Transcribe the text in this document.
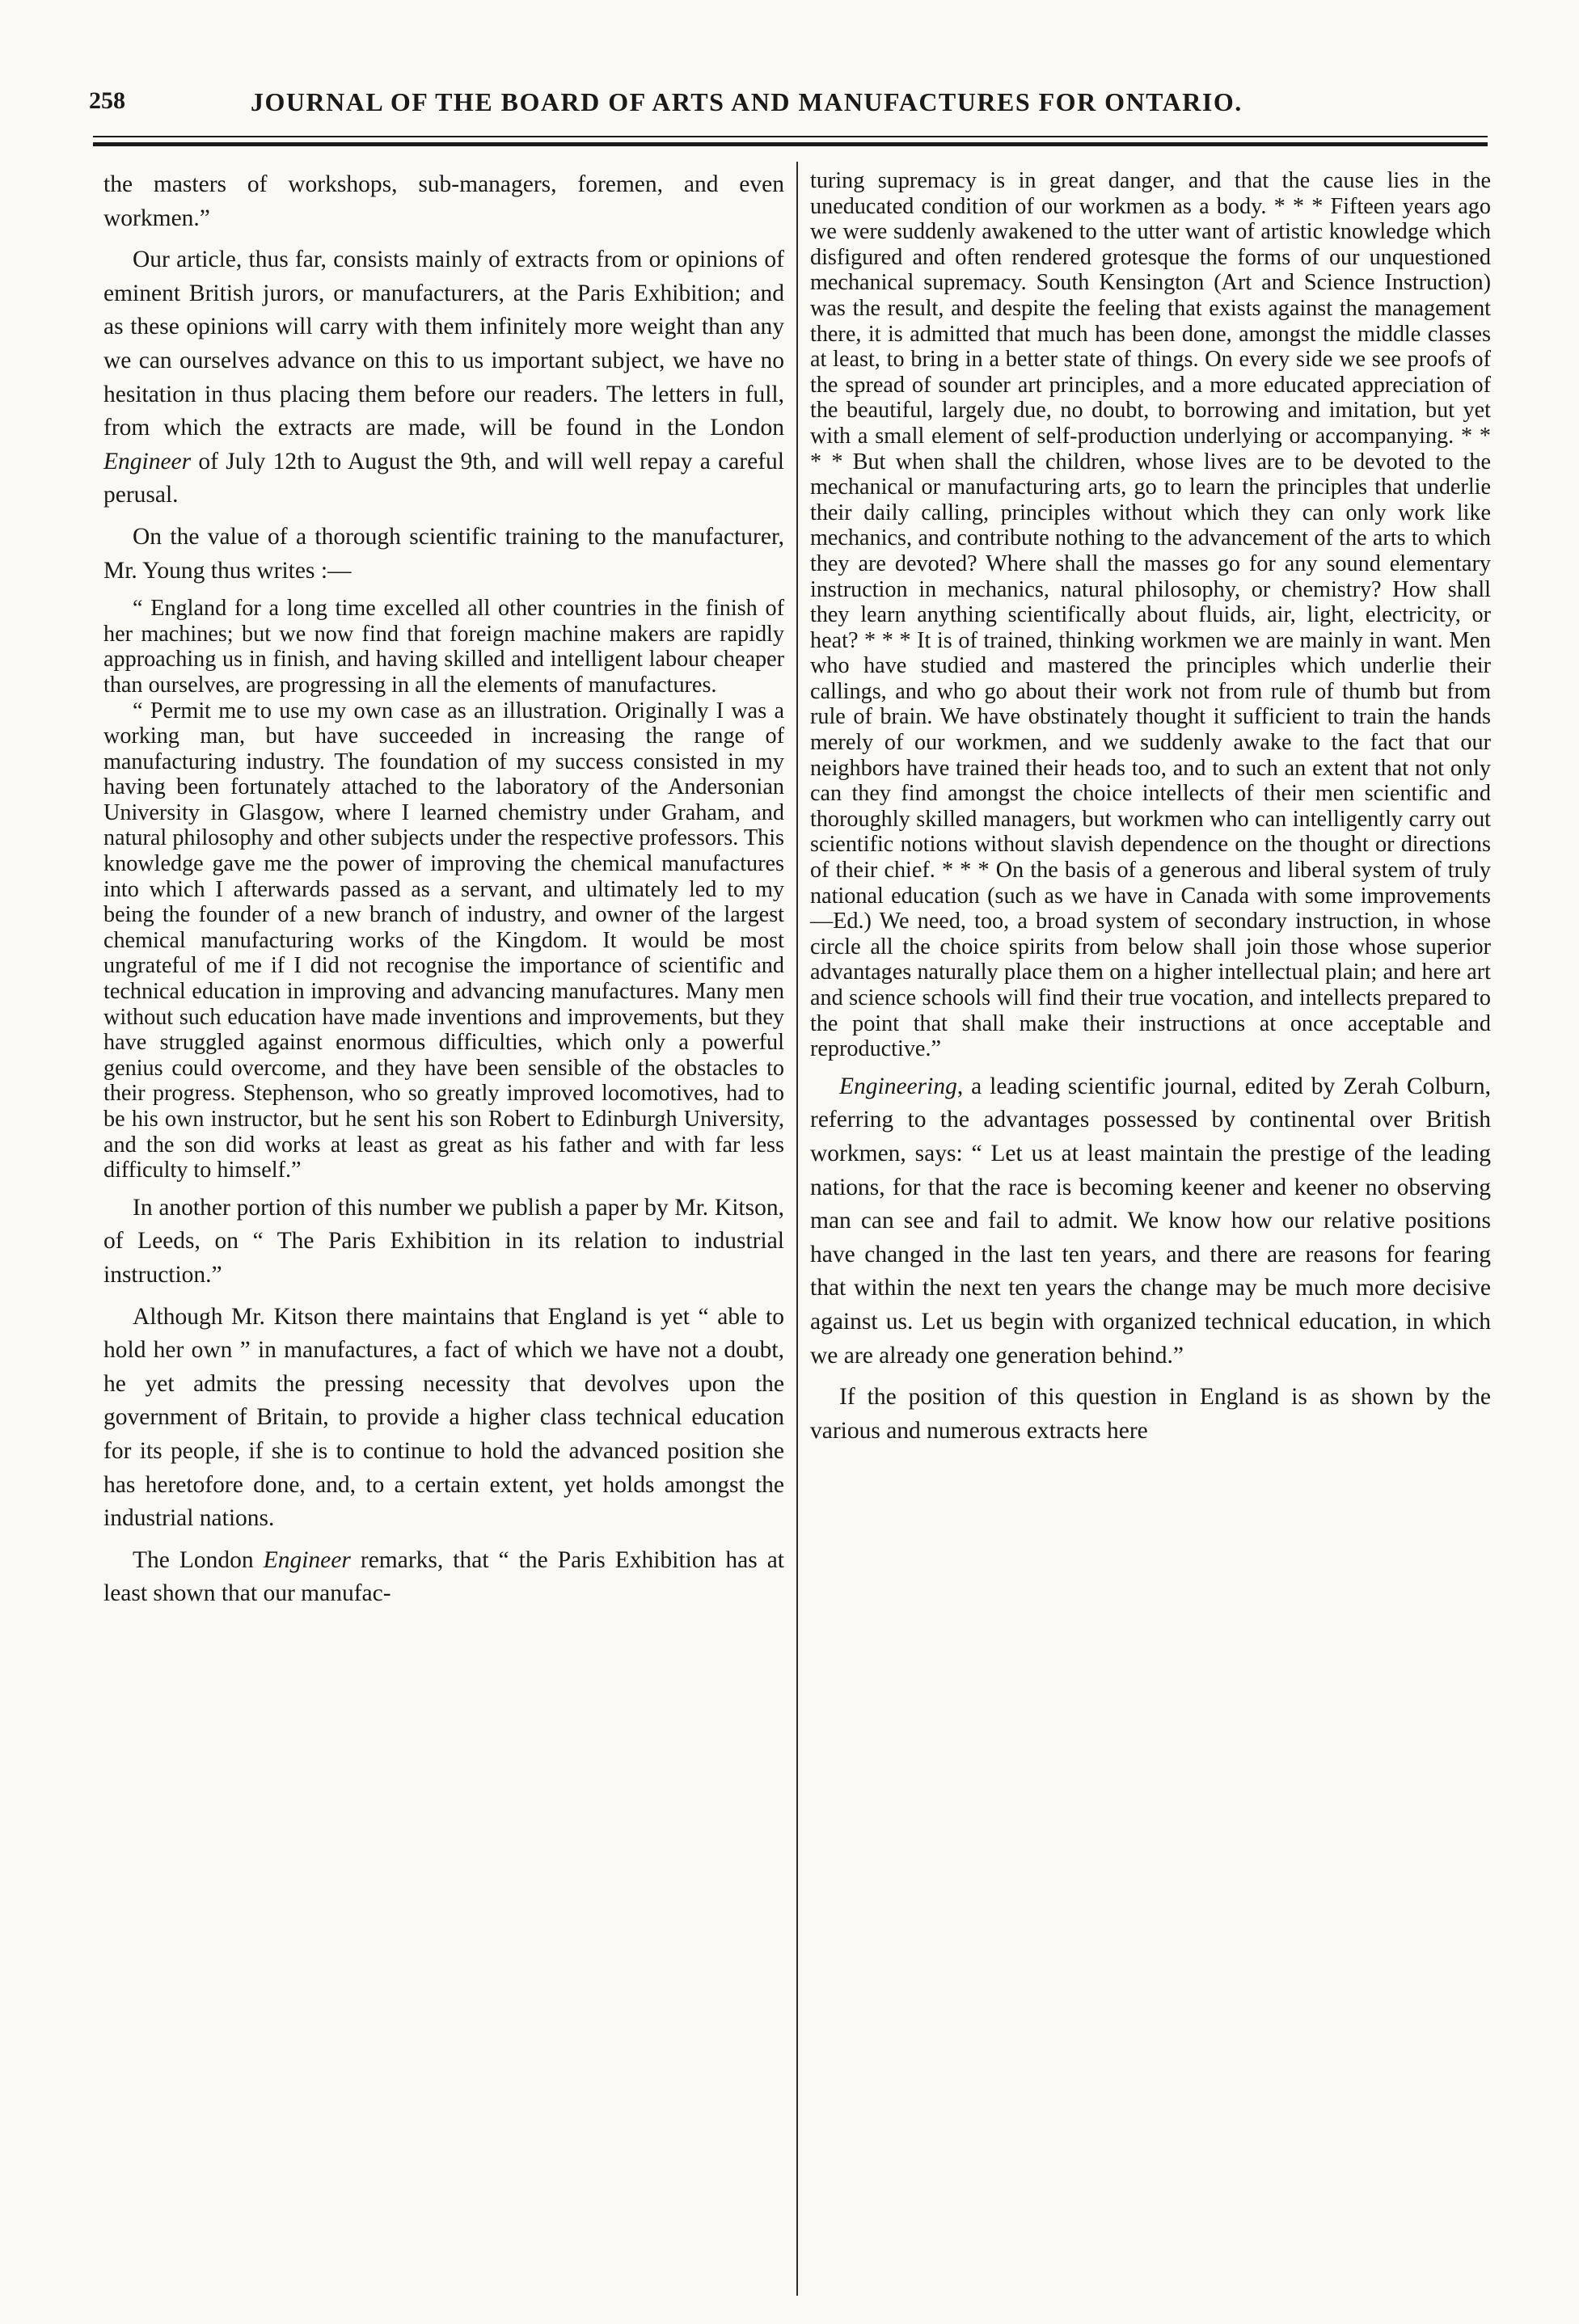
258	JOURNAL OF THE BOARD OF ARTS AND MANUFACTURES FOR ONTARIO.

the masters of workshops, sub-managers, foremen, and even workmen.”

Our article, thus far, consists mainly of extracts from or opinions of eminent British jurors, or manufacturers, at the Paris Exhibition; and as these opinions will carry with them infinitely more weight than any we can ourselves advance on this to us important subject, we have no hesitation in thus placing them before our readers. The letters in full, from which the extracts are made, will be found in the London Engineer of July 12th to August the 9th, and will well repay a careful perusal.

On the value of a thorough scientific training to the manufacturer, Mr. Young thus writes :—

“ England for a long time excelled all other countries in the finish of her machines; but we now find that foreign machine makers are rapidly approaching us in finish, and having skilled and intelligent labour cheaper than ourselves, are progressing in all the elements of manufactures.

“ Permit me to use my own case as an illustration. Originally I was a working man, but have succeeded in increasing the range of manufacturing industry. The foundation of my success consisted in my having been fortunately attached to the laboratory of the Andersonian University in Glasgow, where I learned chemistry under Graham, and natural philosophy and other subjects under the respective professors. This knowledge gave me the power of improving the chemical manufactures into which I afterwards passed as a servant, and ultimately led to my being the founder of a new branch of industry, and owner of the largest chemical manufacturing works of the Kingdom. It would be most ungrateful of me if I did not recognise the importance of scientific and technical education in improving and advancing manufactures. Many men without such education have made inventions and improvements, but they have struggled against enormous difficulties, which only a powerful genius could overcome, and they have been sensible of the obstacles to their progress. Stephenson, who so greatly improved locomotives, had to be his own instructor, but he sent his son Robert to Edinburgh University, and the son did works at least as great as his father and with far less difficulty to himself.”

In another portion of this number we publish a paper by Mr. Kitson, of Leeds, on “ The Paris Exhibition in its relation to industrial instruction.”

Although Mr. Kitson there maintains that England is yet “ able to hold her own ” in manufactures, a fact of which we have not a doubt, he yet admits the pressing necessity that devolves upon the government of Britain, to provide a higher class technical education for its people, if she is to continue to hold the advanced position she has heretofore done, and, to a certain extent, yet holds amongst the industrial nations.

The London Engineer remarks, that “ the Paris Exhibition has at least shown that our manufac-

turing supremacy is in great danger, and that the cause lies in the uneducated condition of our workmen as a body. * * * Fifteen years ago we were suddenly awakened to the utter want of artistic knowledge which disfigured and often rendered grotesque the forms of our unquestioned mechanical supremacy. South Kensington (Art and Science Instruction) was the result, and despite the feeling that exists against the management there, it is admitted that much has been done, amongst the middle classes at least, to bring in a better state of things. On every side we see proofs of the spread of sounder art principles, and a more educated appreciation of the beautiful, largely due, no doubt, to borrowing and imitation, but yet with a small element of self-production underlying or accompanying. * * * * But when shall the children, whose lives are to be devoted to the mechanical or manufacturing arts, go to learn the principles that underlie their daily calling, principles without which they can only work like mechanics, and contribute nothing to the advancement of the arts to which they are devoted? Where shall the masses go for any sound elementary instruction in mechanics, natural philosophy, or chemistry? How shall they learn anything scientifically about fluids, air, light, electricity, or heat? * * * It is of trained, thinking workmen we are mainly in want. Men who have studied and mastered the principles which underlie their callings, and who go about their work not from rule of thumb but from rule of brain. We have obstinately thought it sufficient to train the hands merely of our workmen, and we suddenly awake to the fact that our neighbors have trained their heads too, and to such an extent that not only can they find amongst the choice intellects of their men scientific and thoroughly skilled managers, but workmen who can intelligently carry out scientific notions without slavish dependence on the thought or directions of their chief. * * * On the basis of a generous and liberal system of truly national education (such as we have in Canada with some improvements—Ed.) We need, too, a broad system of secondary instruction, in whose circle all the choice spirits from below shall join those whose superior advantages naturally place them on a higher intellectual plain; and here art and science schools will find their true vocation, and intellects prepared to the point that shall make their instructions at once acceptable and reproductive.”

Engineering, a leading scientific journal, edited by Zerah Colburn, referring to the advantages possessed by continental over British workmen, says: “ Let us at least maintain the prestige of the leading nations, for that the race is becoming keener and keener no observing man can see and fail to admit. We know how our relative positions have changed in the last ten years, and there are reasons for fearing that within the next ten years the change may be much more decisive against us. Let us begin with organized technical education, in which we are already one generation behind.”

If the position of this question in England is as shown by the various and numerous extracts here
